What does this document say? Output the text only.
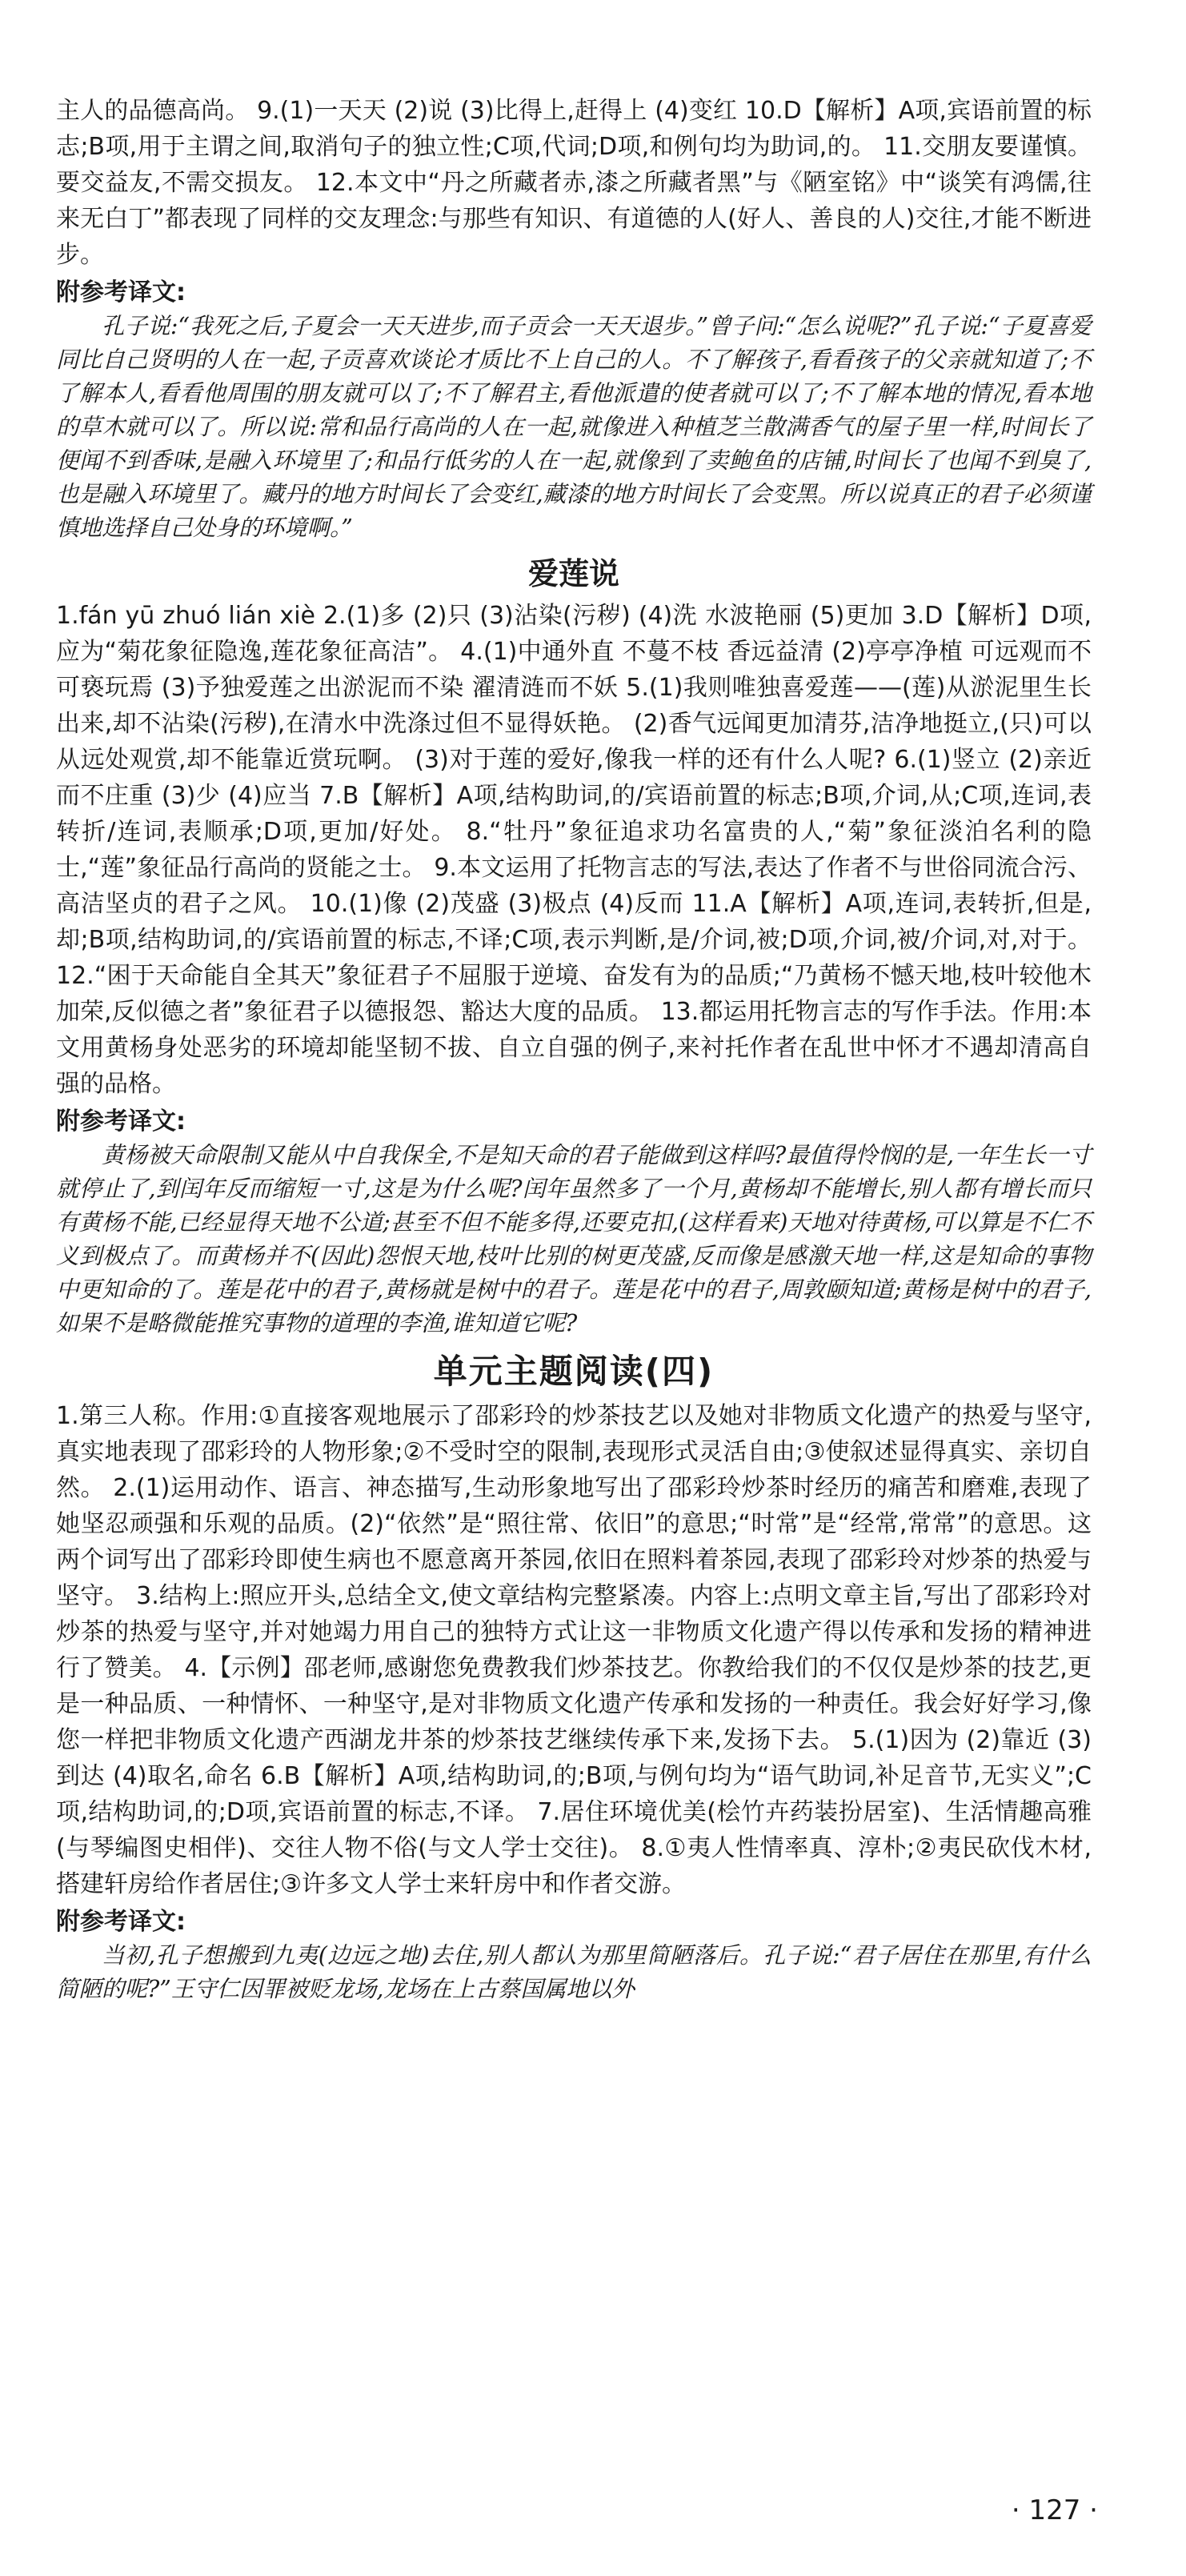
主人的品德高尚。 9.(1)一天天 (2)说 (3)比得上,赶得上 (4)变红 10.D【解析】A项,宾语前置的标志;B项,用于主谓之间,取消句子的独立性;C项,代词;D项,和例句均为助词,的。 11.交朋友要谨慎。要交益友,不需交损友。 12.本文中“丹之所藏者赤,漆之所藏者黑”与《陋室铭》中“谈笑有鸿儒,往来无白丁”都表现了同样的交友理念:与那些有知识、有道德的人(好人、善良的人)交往,才能不断进步。

附参考译文:

孔子说:“我死之后,子夏会一天天进步,而子贡会一天天退步。”曾子问:“怎么说呢?”孔子说:“子夏喜爱同比自己贤明的人在一起,子贡喜欢谈论才质比不上自己的人。不了解孩子,看看孩子的父亲就知道了;不了解本人,看看他周围的朋友就可以了;不了解君主,看他派遣的使者就可以了;不了解本地的情况,看本地的草木就可以了。所以说:常和品行高尚的人在一起,就像进入种植芝兰散满香气的屋子里一样,时间长了便闻不到香味,是融入环境里了;和品行低劣的人在一起,就像到了卖鲍鱼的店铺,时间长了也闻不到臭了,也是融入环境里了。藏丹的地方时间长了会变红,藏漆的地方时间长了会变黑。所以说真正的君子必须谨慎地选择自己处身的环境啊。”

爱莲说

1.fán yū zhuó lián xiè 2.(1)多 (2)只 (3)沾染(污秽) (4)洗 水波艳丽 (5)更加 3.D【解析】D项,应为“菊花象征隐逸,莲花象征高洁”。 4.(1)中通外直 不蔓不枝 香远益清 (2)亭亭净植 可远观而不可亵玩焉 (3)予独爱莲之出淤泥而不染 濯清涟而不妖 5.(1)我则唯独喜爱莲——(莲)从淤泥里生长出来,却不沾染(污秽),在清水中洗涤过但不显得妖艳。 (2)香气远闻更加清芬,洁净地挺立,(只)可以从远处观赏,却不能靠近赏玩啊。 (3)对于莲的爱好,像我一样的还有什么人呢? 6.(1)竖立 (2)亲近而不庄重 (3)少 (4)应当 7.B【解析】A项,结构助词,的/宾语前置的标志;B项,介词,从;C项,连词,表转折/连词,表顺承;D项,更加/好处。 8.“牡丹”象征追求功名富贵的人,“菊”象征淡泊名利的隐士,“莲”象征品行高尚的贤能之士。 9.本文运用了托物言志的写法,表达了作者不与世俗同流合污、高洁坚贞的君子之风。 10.(1)像 (2)茂盛 (3)极点 (4)反而 11.A【解析】A项,连词,表转折,但是,却;B项,结构助词,的/宾语前置的标志,不译;C项,表示判断,是/介词,被;D项,介词,被/介词,对,对于。 12.“困于天命能自全其天”象征君子不屈服于逆境、奋发有为的品质;“乃黄杨不憾天地,枝叶较他木加荣,反似德之者”象征君子以德报怨、豁达大度的品质。 13.都运用托物言志的写作手法。作用:本文用黄杨身处恶劣的环境却能坚韧不拔、自立自强的例子,来衬托作者在乱世中怀才不遇却清高自强的品格。

附参考译文:

黄杨被天命限制又能从中自我保全,不是知天命的君子能做到这样吗?最值得怜悯的是,一年生长一寸就停止了,到闰年反而缩短一寸,这是为什么呢?闰年虽然多了一个月,黄杨却不能增长,别人都有增长而只有黄杨不能,已经显得天地不公道;甚至不但不能多得,还要克扣,(这样看来)天地对待黄杨,可以算是不仁不义到极点了。而黄杨并不(因此)怨恨天地,枝叶比别的树更茂盛,反而像是感激天地一样,这是知命的事物中更知命的了。莲是花中的君子,黄杨就是树中的君子。莲是花中的君子,周敦颐知道;黄杨是树中的君子,如果不是略微能推究事物的道理的李渔,谁知道它呢?

单元主题阅读(四)

1.第三人称。作用:①直接客观地展示了邵彩玲的炒茶技艺以及她对非物质文化遗产的热爱与坚守,真实地表现了邵彩玲的人物形象;②不受时空的限制,表现形式灵活自由;③使叙述显得真实、亲切自然。 2.(1)运用动作、语言、神态描写,生动形象地写出了邵彩玲炒茶时经历的痛苦和磨难,表现了她坚忍顽强和乐观的品质。(2)“依然”是“照往常、依旧”的意思;“时常”是“经常,常常”的意思。这两个词写出了邵彩玲即使生病也不愿意离开茶园,依旧在照料着茶园,表现了邵彩玲对炒茶的热爱与坚守。 3.结构上:照应开头,总结全文,使文章结构完整紧凑。内容上:点明文章主旨,写出了邵彩玲对炒茶的热爱与坚守,并对她竭力用自己的独特方式让这一非物质文化遗产得以传承和发扬的精神进行了赞美。 4.【示例】邵老师,感谢您免费教我们炒茶技艺。你教给我们的不仅仅是炒茶的技艺,更是一种品质、一种情怀、一种坚守,是对非物质文化遗产传承和发扬的一种责任。我会好好学习,像您一样把非物质文化遗产西湖龙井茶的炒茶技艺继续传承下来,发扬下去。 5.(1)因为 (2)靠近 (3)到达 (4)取名,命名 6.B【解析】A项,结构助词,的;B项,与例句均为“语气助词,补足音节,无实义”;C项,结构助词,的;D项,宾语前置的标志,不译。 7.居住环境优美(桧竹卉药装扮居室)、生活情趣高雅(与琴编图史相伴)、交往人物不俗(与文人学士交往)。 8.①夷人性情率真、淳朴;②夷民砍伐木材,搭建轩房给作者居住;③许多文人学士来轩房中和作者交游。

附参考译文:

当初,孔子想搬到九夷(边远之地)去住,别人都认为那里简陋落后。孔子说:“君子居住在那里,有什么简陋的呢?”王守仁因罪被贬龙场,龙场在上古蔡国属地以外

· 127 ·
